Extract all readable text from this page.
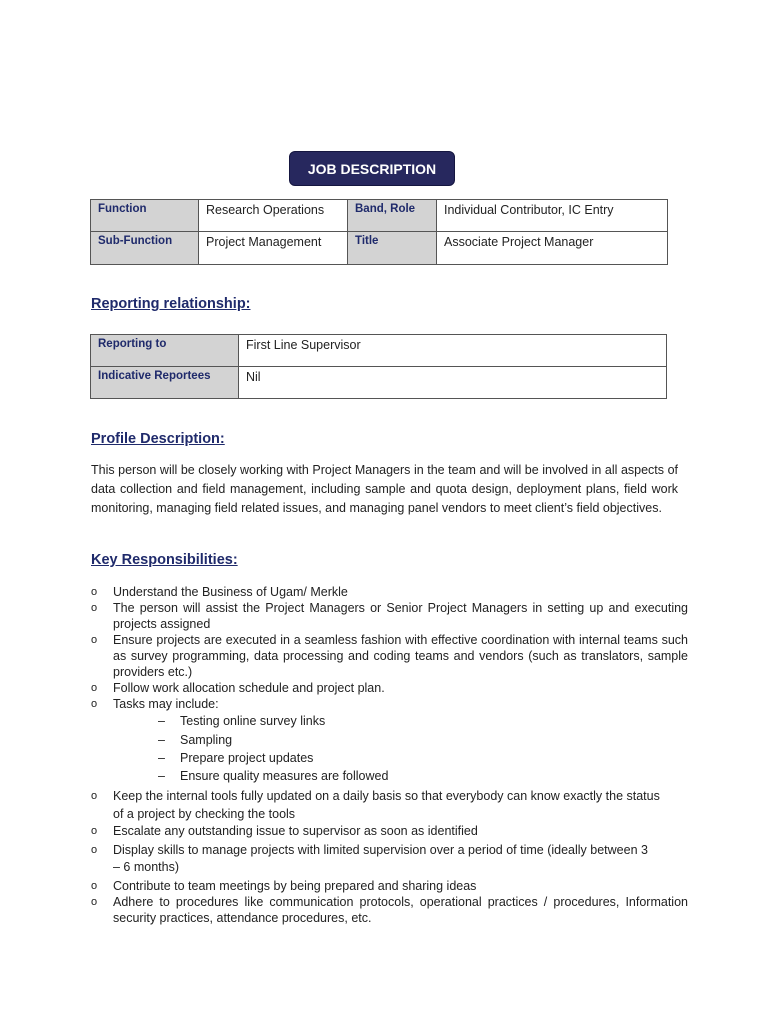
JOB DESCRIPTION
Function	Research Operations	Band, Role	Individual Contributor, IC Entry
Sub-Function	Project Management	Title	Associate Project Manager
Reporting relationship:
Reporting to	First Line Supervisor
Indicative Reportees	Nil
Profile Description:

This person will be closely working with Project Managers in the team and will be involved in all aspects of data collection and field management, including sample and quota design, deployment plans, field work monitoring, managing field related issues, and managing panel vendors to meet client’s field objectives.

Key Responsibilities:
o	Understand the Business of Ugam/ Merkle
o	The person will assist the Project Managers or Senior Project Managers in setting up and executing projects assigned
o	Ensure projects are executed in a seamless fashion with effective coordination with internal teams such as survey programming, data processing and coding teams and vendors (such as translators, sample providers etc.)
o	Follow work allocation schedule and project plan.
o	Tasks may include:
– Testing online survey links
– Sampling
– Prepare project updates
– Ensure quality measures are followed
o	Keep the internal tools fully updated on a daily basis so that everybody can know exactly the status of a project by checking the tools
o	Escalate any outstanding issue to supervisor as soon as identified
o	Display skills to manage projects with limited supervision over a period of time (ideally between 3 – 6 months)
o	Contribute to team meetings by being prepared and sharing ideas
o	Adhere to procedures like communication protocols, operational practices / procedures, Information security practices, attendance procedures, etc.
